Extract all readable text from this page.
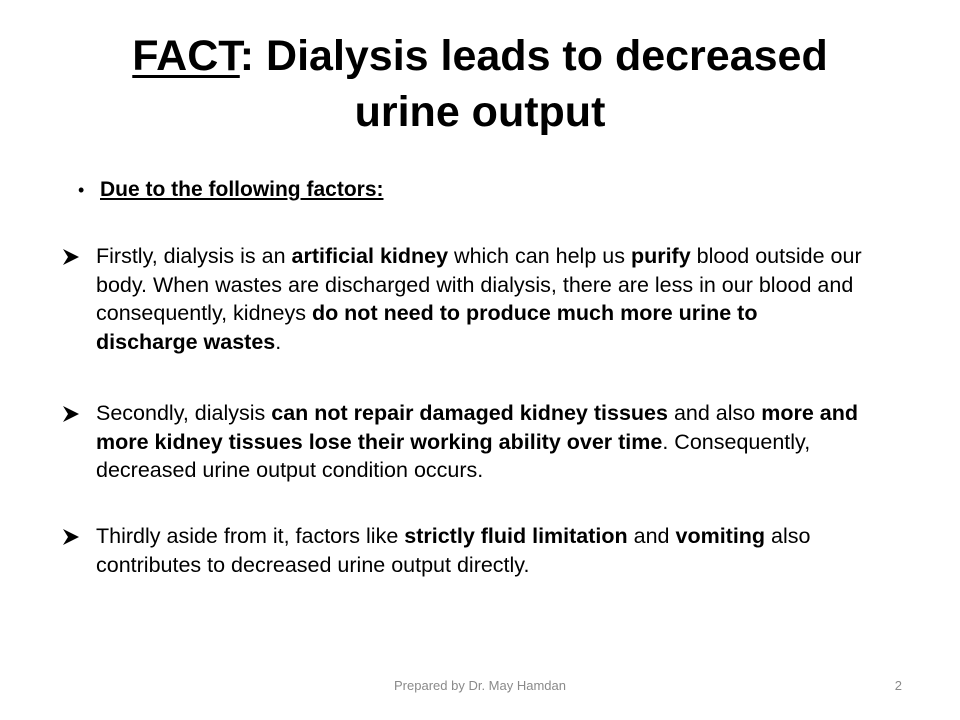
FACT: Dialysis leads to decreased
urine output
• Due to the following factors:
Firstly, dialysis is an artificial kidney which can help us purify blood outside our body. When wastes are discharged with dialysis, there are less in our blood and consequently, kidneys do not need to produce much more urine to discharge wastes.
Secondly, dialysis can not repair damaged kidney tissues and also more and more kidney tissues lose their working ability over time. Consequently, decreased urine output condition occurs.
Thirdly aside from it, factors like strictly fluid limitation and vomiting also contributes to decreased urine output directly.
Prepared by Dr. May Hamdan	2
